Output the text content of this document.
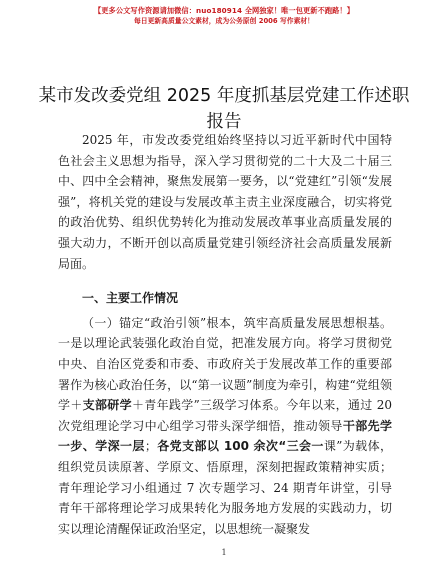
【更多公文写作资源请加微信：nuo180914 全网独家！唯一包更新不跑路！】
每日更新高质量公文素材，成为公务原创 2006 写作素材！
某市发改委党组 2025 年度抓基层党建工作述职报告

2025 年，市发改委党组始终坚持以习近平新时代中国特色社会主义思想为指导，深入学习贯彻党的二十大及二十届三中、四中全会精神，聚焦发展第一要务，以“党建红”引领“发展强”，将机关党的建设与发展改革主责主业深度融合，切实将党的政治优势、组织优势转化为推动发展改革事业高质量发展的强大动力，不断开创以高质量党建引领经济社会高质量发展新局面。

一、主要工作情况

（一）锚定“政治引领”根本，筑牢高质量发展思想根基。一是以理论武装强化政治自觉，把准发展方向。将学习贯彻党中央、自治区党委和市委、市政府关于发展改革工作的重要部署作为核心政治任务，以“第一议题”制度为牵引，构建“党组领学＋支部研学＋青年践学”三级学习体系。今年以来，通过 20 次党组理论学习中心组学习带头深学细悟，推动领导干部先学一步、学深一层；各党支部以 100 余次“三会一课”为载体，组织党员读原著、学原文、悟原理，深刻把握政策精神实质；青年理论学习小组通过 7 次专题学习、24 期青年讲堂，引导青年干部将理论学习成果转化为服务地方发展的实践动力，切实以理论清醒保证政治坚定，以思想统一凝聚发

1
